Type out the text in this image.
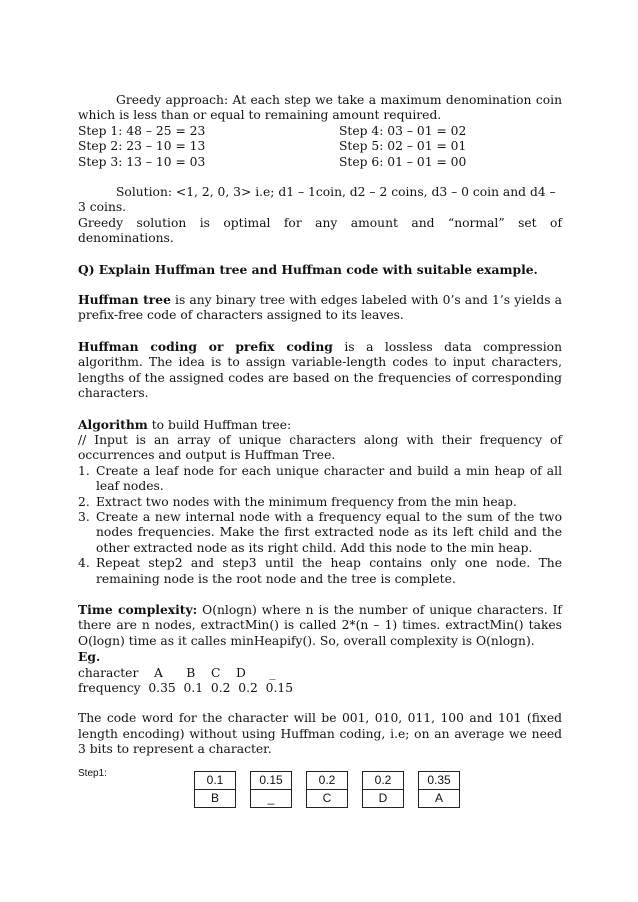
Greedy approach: At each step we take a maximum denomination coin which is less than or equal to remaining amount required.

Step 1: 48 – 25 = 23

Step 2: 23 – 10 = 13

Step 3: 13 – 10 = 03

Step 4: 03 – 01 = 02

Step 5: 02 – 01 = 01

Step 6: 01 – 01 = 00

Solution: <1, 2, 0, 3> i.e; d1 – 1coin, d2 – 2 coins, d3 – 0 coin and d4 – 3 coins.

Greedy solution is optimal for any amount and “normal” set of denominations.

Q) Explain Huffman tree and Huffman code with suitable example.

Huffman tree is any binary tree with edges labeled with 0’s and 1’s yields a prefix-free code of characters assigned to its leaves.

Huffman coding or prefix coding is a lossless data compression algorithm. The idea is to assign variable-length codes to input characters, lengths of the assigned codes are based on the frequencies of corresponding characters.

Algorithm to build Huffman tree:

// Input is an array of unique characters along with their frequency of occurrences and output is Huffman Tree.

1. Create a leaf node for each unique character and build a min heap of all leaf nodes.
2. Extract two nodes with the minimum frequency from the min heap.
3. Create a new internal node with a frequency equal to the sum of the two nodes frequencies. Make the first extracted node as its left child and the other extracted node as its right child. Add this node to the min heap.
4. Repeat step2 and step3 until the heap contains only one node. The remaining node is the root node and the tree is complete.

Time complexity: O(nlogn) where n is the number of unique characters. If there are n nodes, extractMin() is called 2*(n – 1) times. extractMin() takes O(logn) time as it calles minHeapify(). So, overall complexity is O(nlogn).

Eg.

character    A      B    C    D      _

frequency  0.35  0.1  0.2  0.2  0.15

The code word for the character will be 001, 010, 011, 100 and 101 (fixed length encoding) without using Huffman coding, i.e; on an average we need 3 bits to represent a character.

Step1:	0.1
B
0.15
_
0.2
C
0.2
D
0.35
A
